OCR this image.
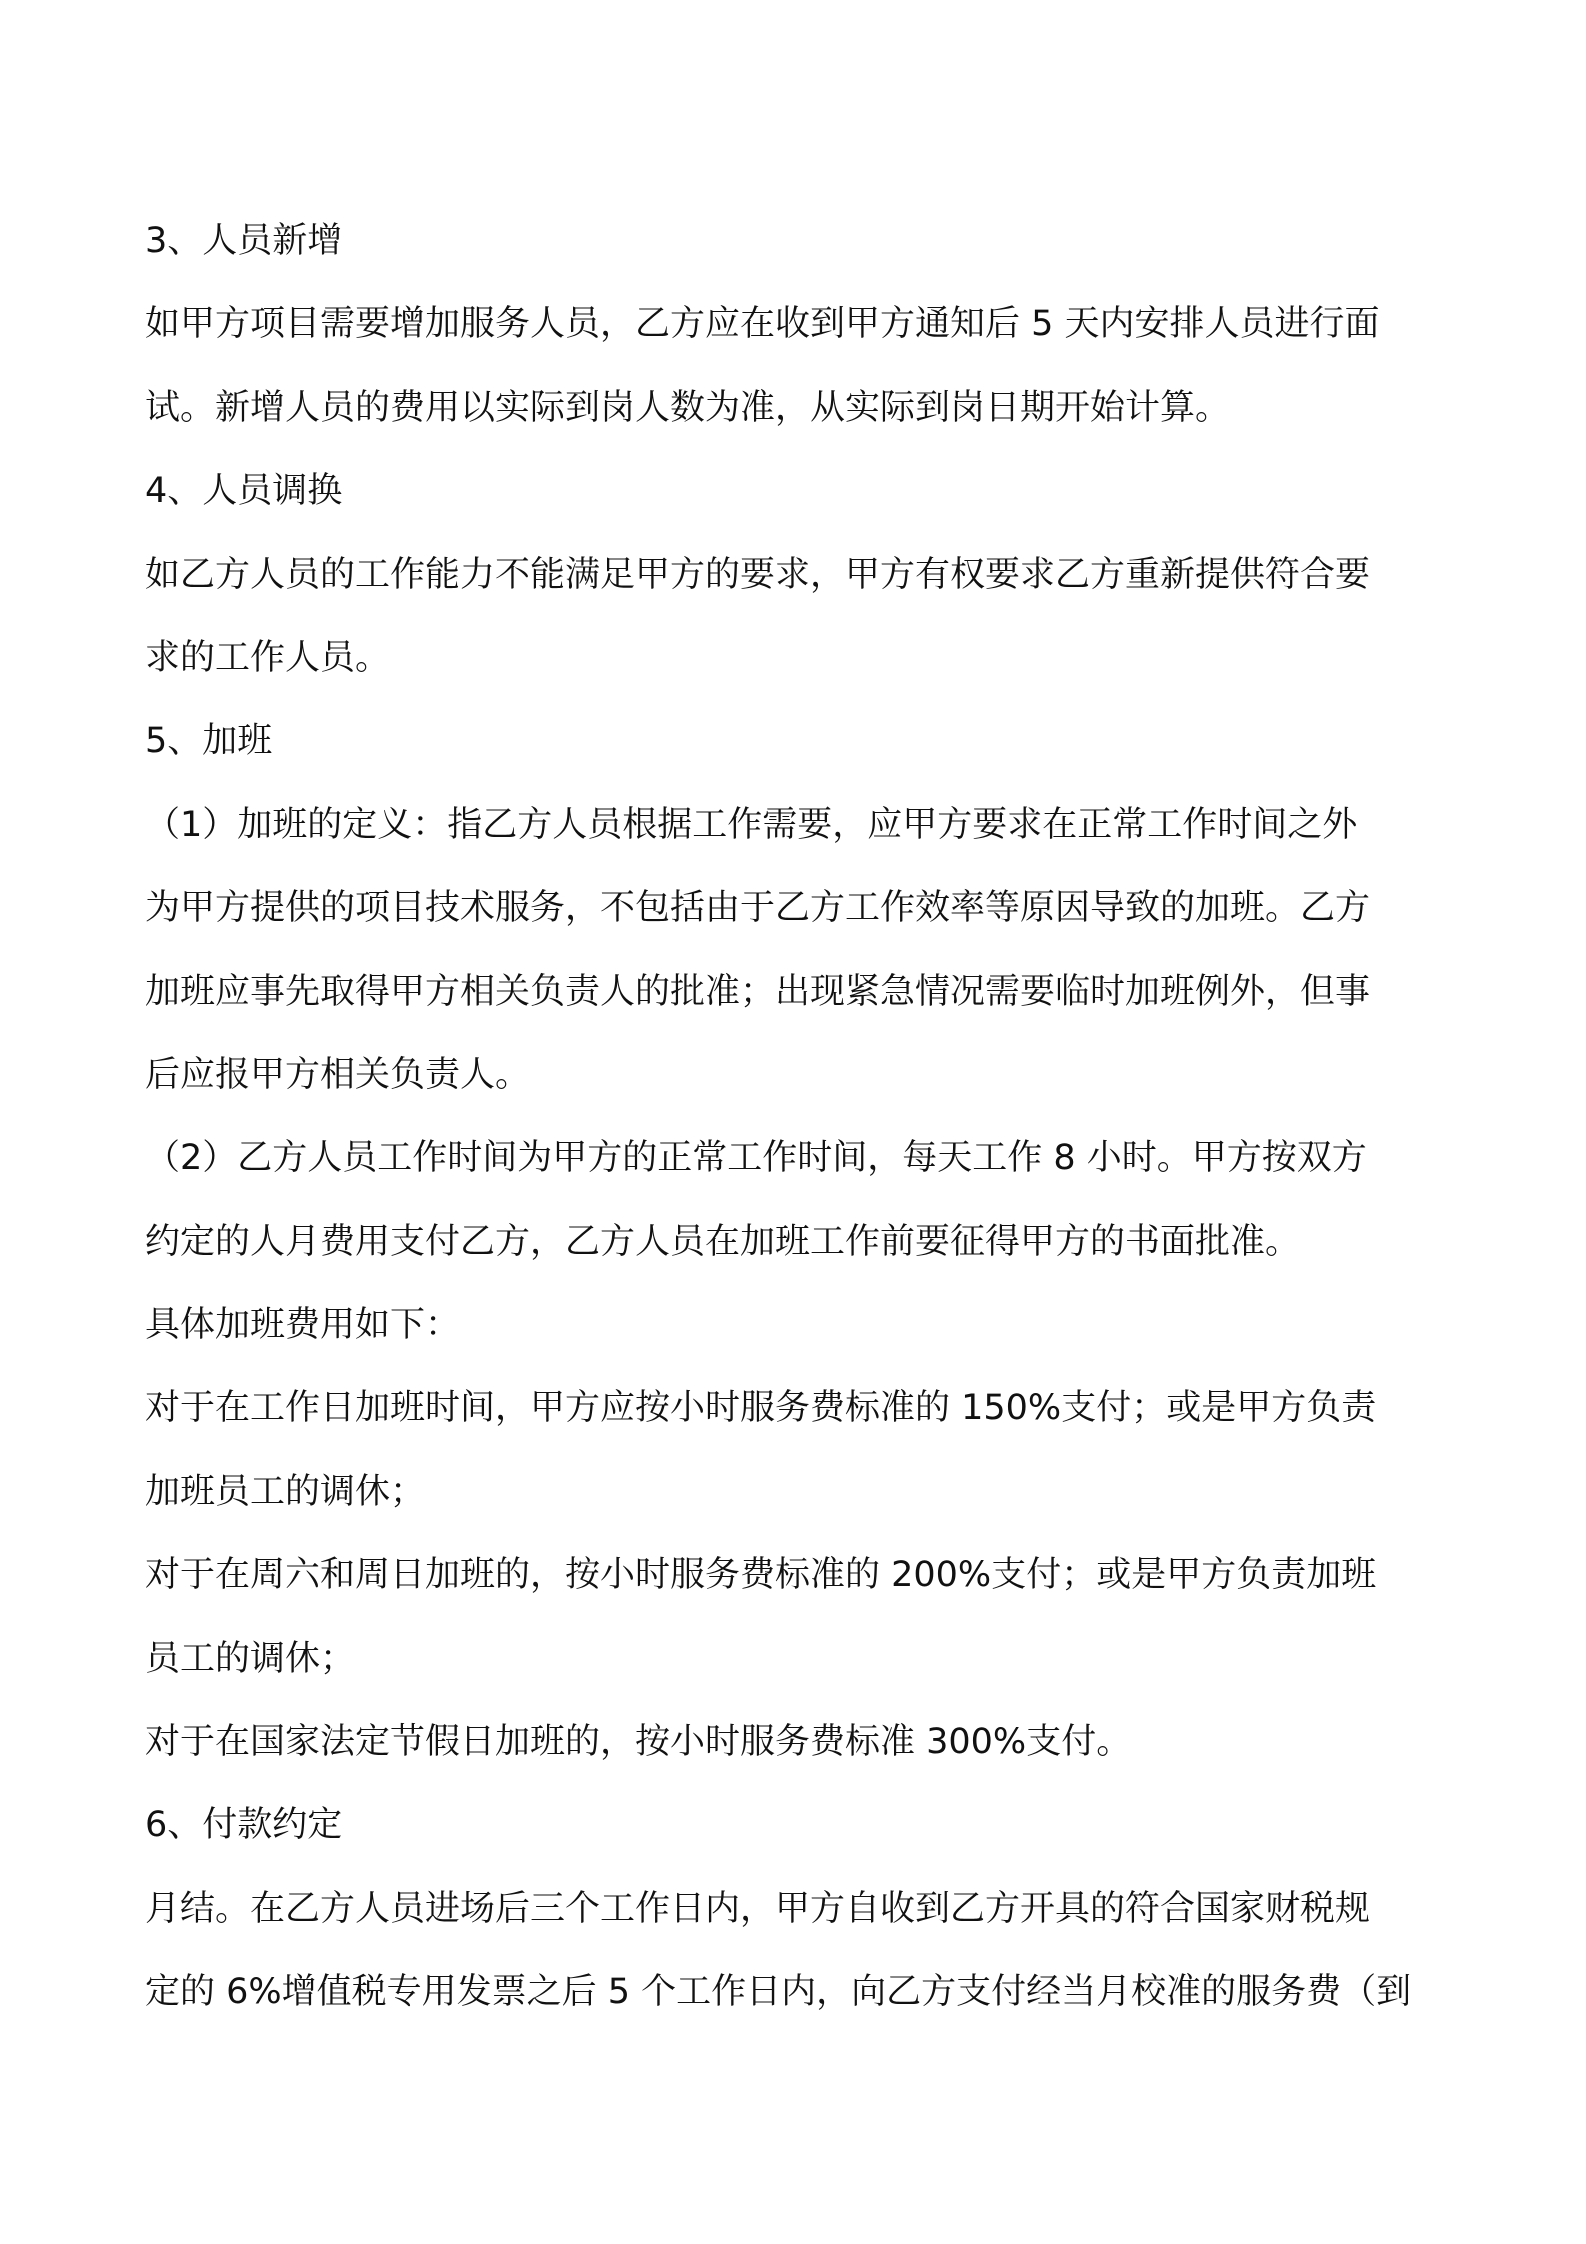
3、人员新增

如甲方项目需要增加服务人员，乙方应在收到甲方通知后 5 天内安排人员进行面

试。新增人员的费用以实际到岗人数为准，从实际到岗日期开始计算。

4、人员调换

如乙方人员的工作能力不能满足甲方的要求，甲方有权要求乙方重新提供符合要

求的工作人员。

5、加班

（1）加班的定义：指乙方人员根据工作需要，应甲方要求在正常工作时间之外

为甲方提供的项目技术服务，不包括由于乙方工作效率等原因导致的加班。乙方

加班应事先取得甲方相关负责人的批准；出现紧急情况需要临时加班例外，但事

后应报甲方相关负责人。

（2）乙方人员工作时间为甲方的正常工作时间，每天工作 8 小时。甲方按双方

约定的人月费用支付乙方，乙方人员在加班工作前要征得甲方的书面批准。

具体加班费用如下：

对于在工作日加班时间，甲方应按小时服务费标准的 150%支付；或是甲方负责

加班员工的调休；

对于在周六和周日加班的，按小时服务费标准的 200%支付；或是甲方负责加班

员工的调休；

对于在国家法定节假日加班的，按小时服务费标准 300%支付。

6、付款约定

月结。在乙方人员进场后三个工作日内，甲方自收到乙方开具的符合国家财税规

定的 6%增值税专用发票之后 5 个工作日内，向乙方支付经当月校准的服务费（到
